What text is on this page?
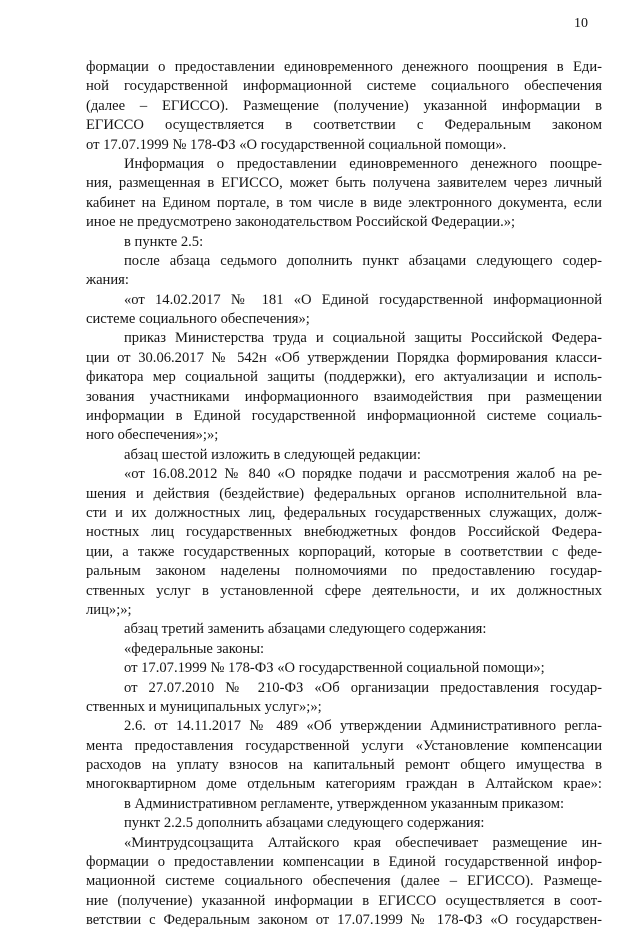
10
формации о предоставлении единовременного денежного поощрения в Еди-
ной государственной информационной системе социального обеспечения
(далее – ЕГИССО). Размещение (получение) указанной информации в
ЕГИССО осуществляется в соответствии с Федеральным законом
от 17.07.1999 № 178-ФЗ «О государственной социальной помощи».
Информация о предоставлении единовременного денежного поощре-
ния, размещенная в ЕГИССО, может быть получена заявителем через личный
кабинет на Едином портале, в том числе в виде электронного документа, если
иное не предусмотрено законодательством Российской Федерации.»;
в пункте 2.5:
после абзаца седьмого дополнить пункт абзацами следующего содер-
жания:
«от 14.02.2017 № 181 «О Единой государственной информационной
системе социального обеспечения»;
приказ Министерства труда и социальной защиты Российской Федера-
ции от 30.06.2017 № 542н «Об утверждении Порядка формирования класси-
фикатора мер социальной защиты (поддержки), его актуализации и исполь-
зования участниками информационного взаимодействия при размещении
информации в Единой государственной информационной системе социаль-
ного обеспечения»;»;
абзац шестой изложить в следующей редакции:
«от 16.08.2012 № 840 «О порядке подачи и рассмотрения жалоб на ре-
шения и действия (бездействие) федеральных органов исполнительной вла-
сти и их должностных лиц, федеральных государственных служащих, долж-
ностных лиц государственных внебюджетных фондов Российской Федера-
ции, а также государственных корпораций, которые в соответствии с феде-
ральным законом наделены полномочиями по предоставлению государ-
ственных услуг в установленной сфере деятельности, и их должностных
лиц»;»;
абзац третий заменить абзацами следующего содержания:
«федеральные законы:
от 17.07.1999 № 178-ФЗ «О государственной социальной помощи»;
от 27.07.2010 № 210-ФЗ «Об организации предоставления государ-
ственных и муниципальных услуг»;»;
2.6. от 14.11.2017 № 489 «Об утверждении Административного регла-
мента предоставления государственной услуги «Установление компенсации
расходов на уплату взносов на капитальный ремонт общего имущества в
многоквартирном доме отдельным категориям граждан в Алтайском крае»:
в Административном регламенте, утвержденном указанным приказом:
пункт 2.2.5 дополнить абзацами следующего содержания:
«Минтрудсоцзащита Алтайского края обеспечивает размещение ин-
формации о предоставлении компенсации в Единой государственной инфор-
мационной системе социального обеспечения (далее – ЕГИССО). Размеще-
ние (получение) указанной информации в ЕГИССО осуществляется в соот-
ветствии с Федеральным законом от 17.07.1999 № 178-ФЗ «О государствен-
